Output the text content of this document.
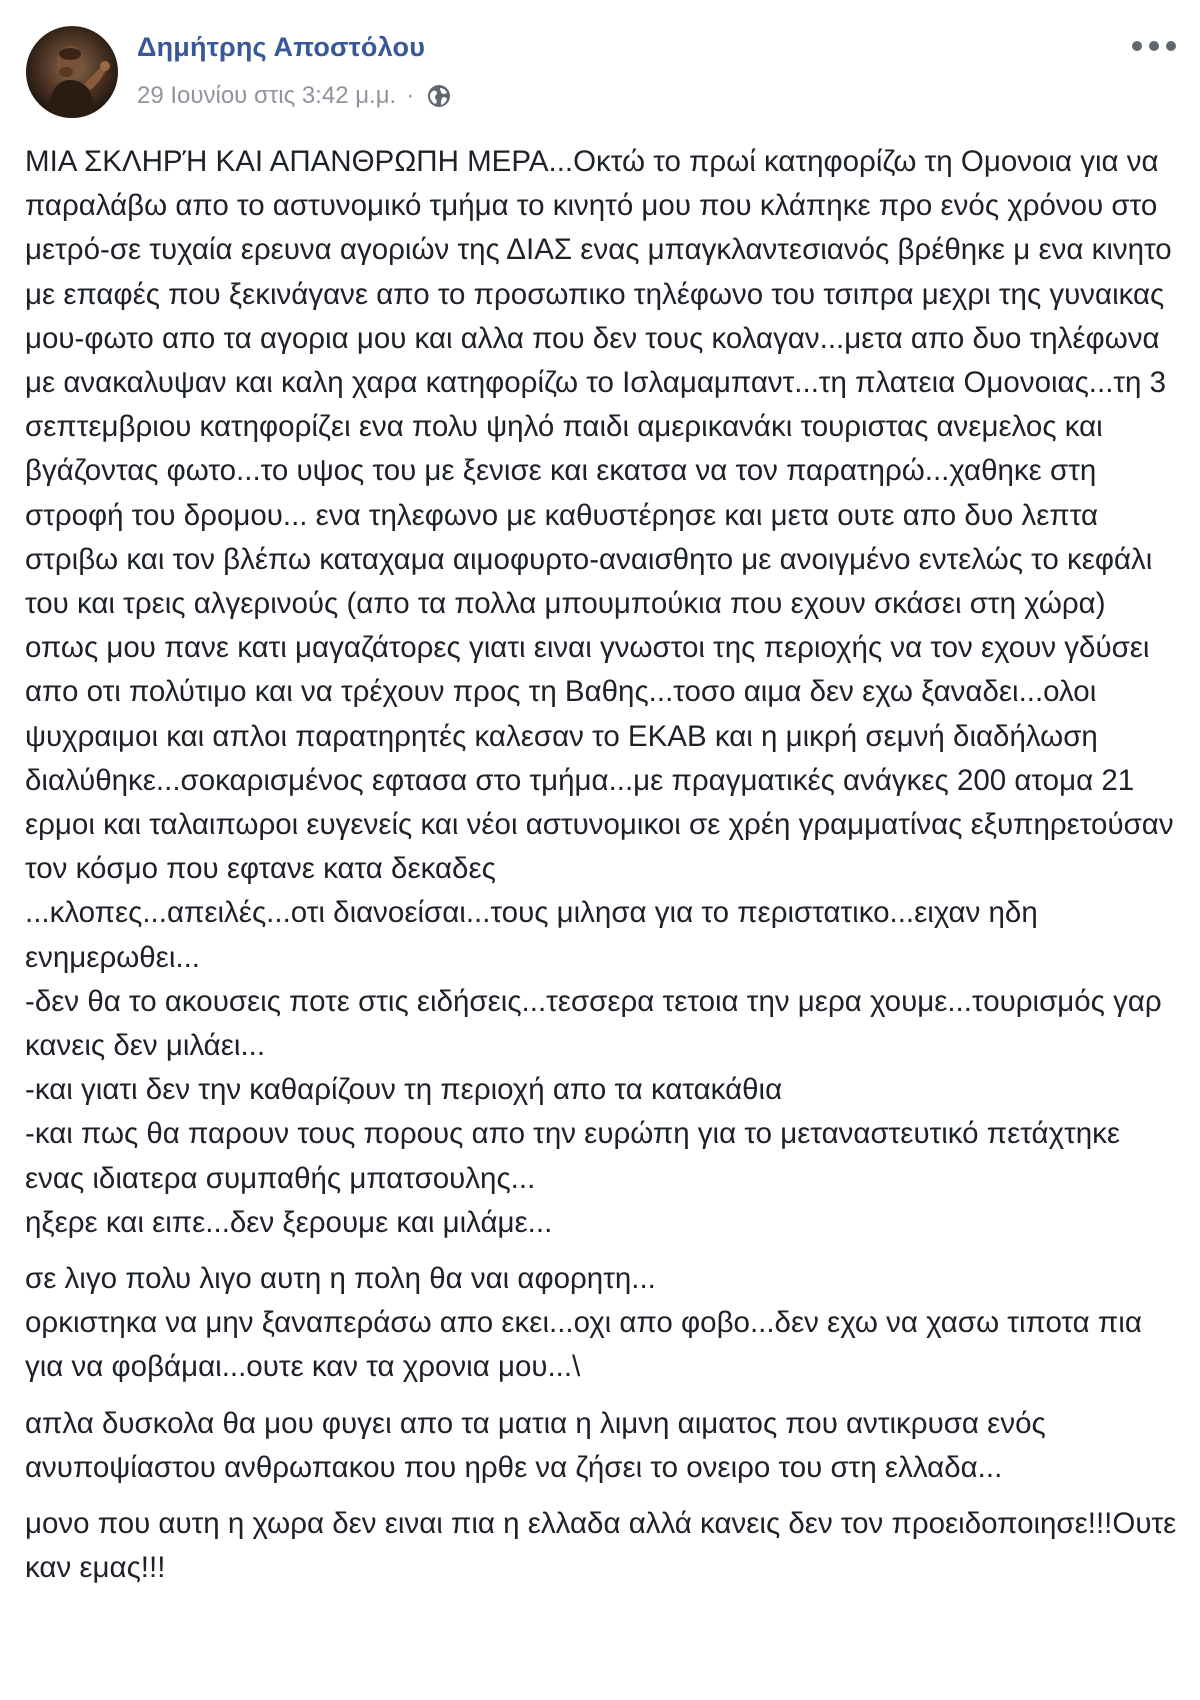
Δημήτρης Αποστόλου
29 Ιουνίου στις 3:42 μ.μ. ·

ΜΙΑ ΣΚΛΗΡΉ ΚΑΙ ΑΠΑΝΘΡΩΠΗ ΜΕΡΑ...Οκτώ το πρωί κατηφορίζω τη Ομονοια για να παραλάβω απο το αστυνομικό τμήμα το κινητό μου που κλάπηκε προ ενός χρόνου στο μετρό-σε τυχαία ερευνα αγοριών της ΔΙΑΣ ενας μπαγκλαντεσιανός βρέθηκε μ ενα κινητο με επαφές που ξεκινάγανε απο το προσωπικο τηλέφωνο του τσιπρα μεχρι της γυναικας μου-φωτο απο τα αγορια μου και αλλα που δεν τους κολαγαν...μετα απο δυο τηλέφωνα με ανακαλυψαν και καλη χαρα κατηφορίζω το Ισλαμαμπαντ...τη πλατεια Ομονοιας...τη 3 σεπτεμβριου κατηφορίζει ενα πολυ ψηλό παιδι αμερικανάκι τουριστας ανεμελος και βγάζοντας φωτο...το υψος του με ξενισε και εκατσα να τον παρατηρώ...χαθηκε στη στροφή του δρομου... ενα τηλεφωνο με καθυστέρησε και μετα ουτε απο δυο λεπτα στριβω και τον βλέπω καταχαμα αιμοφυρτο-αναισθητο με ανοιγμένο εντελώς το κεφάλι του και τρεις αλγερινούς (απο τα πολλα μπουμπούκια που εχουν σκάσει στη χώρα) οπως μου πανε κατι μαγαζάτορες γιατι ειναι γνωστοι της περιοχής να τον εχουν γδύσει απο οτι πολύτιμο και να τρέχουν προς τη Βαθης...τοσο αιμα δεν εχω ξαναδει...ολοι ψυχραιμοι και απλοι παρατηρητές καλεσαν το ΕΚΑΒ και η μικρή σεμνή διαδήλωση διαλύθηκε...σοκαρισμένος εφτασα στο τμήμα...με πραγματικές ανάγκες 200 ατομα 21 ερμοι και ταλαιπωροι ευγενείς και νέοι αστυνομικοι σε χρέη γραμματίνας εξυπηρετούσαν τον κόσμο που εφτανε κατα δεκαδες
...κλοπες...απειλές...οτι διανοείσαι...τους μιλησα για το περιστατικο...ειχαν ηδη ενημερωθει...
-δεν θα το ακουσεις ποτε στις ειδήσεις...τεσσερα τετοια την μερα χουμε...τουρισμός γαρ κανεις δεν μιλάει...
-και γιατι δεν την καθαρίζουν τη περιοχή απο τα κατακάθια
-και πως θα παρουν τους πορους απο την ευρώπη για το μεταναστευτικό πετάχτηκε ενας ιδιατερα συμπαθής μπατσουλης...
ηξερε και ειπε...δεν ξερουμε και μιλάμε...

σε λιγο πολυ λιγο αυτη η πολη θα ναι αφορητη...
ορκιστηκα να μην ξαναπεράσω απο εκει...οχι απο φοβο...δεν εχω να χασω τιποτα πια για να φοβάμαι...ουτε καν τα χρονια μου...\

απλα δυσκολα θα μου φυγει απο τα ματια η λιμνη αιματος που αντικρυσα ενός ανυποψίαστου ανθρωπακου που ηρθε να ζήσει το ονειρο του στη ελλαδα...

μονο που αυτη η χωρα δεν ειναι πια η ελλαδα αλλά κανεις δεν τον προειδοποιησε!!!Ουτε καν εμας!!!
